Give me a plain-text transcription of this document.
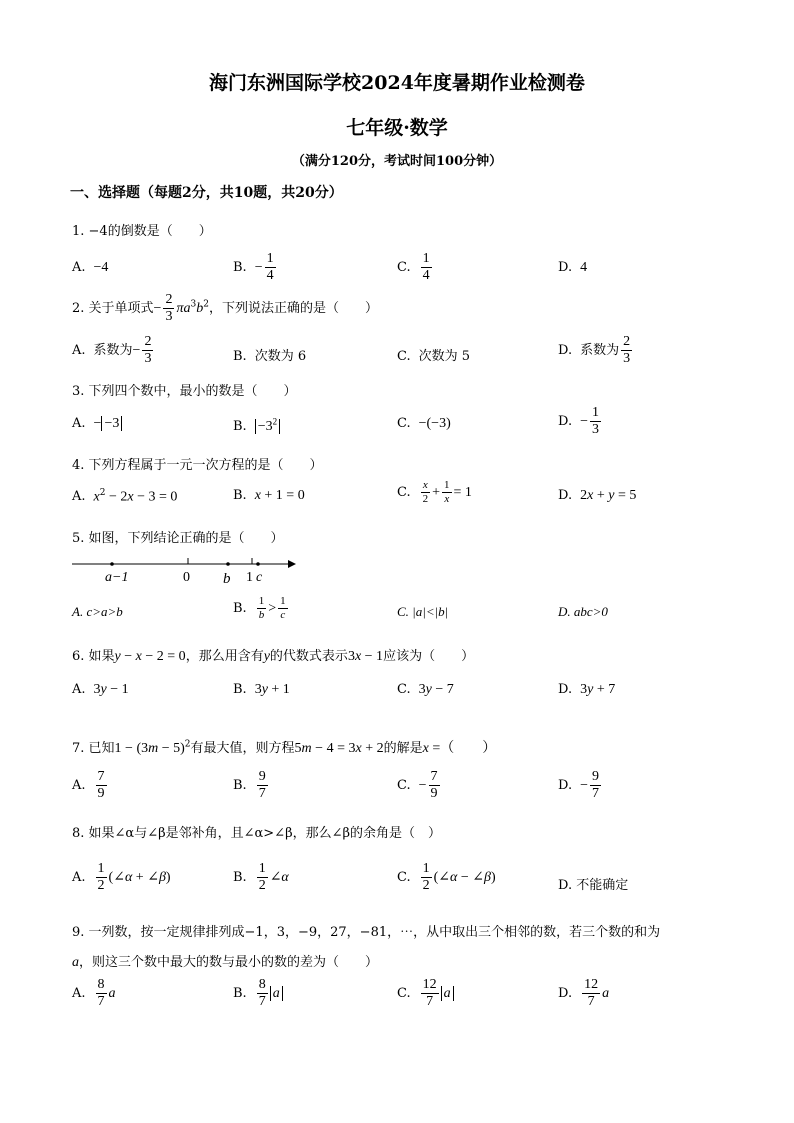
海门东洲国际学校2024年度暑期作业检测卷
七年级·数学
（满分120分，考试时间100分钟）
一、选择题（每题2分，共10题，共20分）
1. −4的倒数是（　　）
A. −4	B. − $\frac{1}{4}$	C. $\frac{1}{4}$	D. 4
2. 关于单项式− $\frac{2}{3} \pi a^3b^2$，下列说法正确的是（　　）
A. 系数为− $\frac{2}{3}$	B. 次数为 6	C. 次数为 5	D. 系数为 $\frac{2}{3}$
3. 下列四个数中，最小的数是（　　）
A. − −3	B. $-3^2$	C. −(−3)	D. − $\frac{1}{3}$
4. 下列方程属于一元一次方程的是（　　）
A. $x^2 - 2x - 3 = 0$	B. x + 1 = 0	C. $\frac{x}{2} + \frac{1}{x} = 1$	D. 2x + y = 5
5. 如图，下列结论正确的是（　　）
a−1	0 b 1 c
A. c>a>b	B. $\frac{1}{b} > \frac{1}{c}$	C. |a|<|b|	D. abc>0
6. 如果y − x − 2 = 0，那么用含有y的代数式表示3x − 1应该为（　　）
A. 3y − 1	B. 3y + 1	C. 3y − 7	D. 3y + 7
7. 已知$1 - (3m - 5)^2$有最大值，则方程5m − 4 = 3x + 2的解是x =（　　）
A. $\frac{7}{9}$	B. $\frac{9}{7}$	C. − $\frac{7}{9}$	D. − $\frac{9}{7}$
8. 如果∠α与∠β是邻补角，且∠α>∠β，那么∠β的余角是（　）
A. $\frac{1}{2}$ (∠α + ∠β)	B. $\frac{1}{2}$ ∠α	C. $\frac{1}{2}$ (∠α − ∠β)
D. 不能确定
9. 一列数，按一定规律排列成−1，3，−9，27，−81，⋯，从中取出三个相邻的数，若三个数的和为
a，则这三个数中最大的数与最小的数的差为（　　）
A. $\frac{8}{7}$ a	B. $\frac{8}{7}$ a	C. $\frac{12}{7}$ a	D. $\frac{12}{7}$ a
